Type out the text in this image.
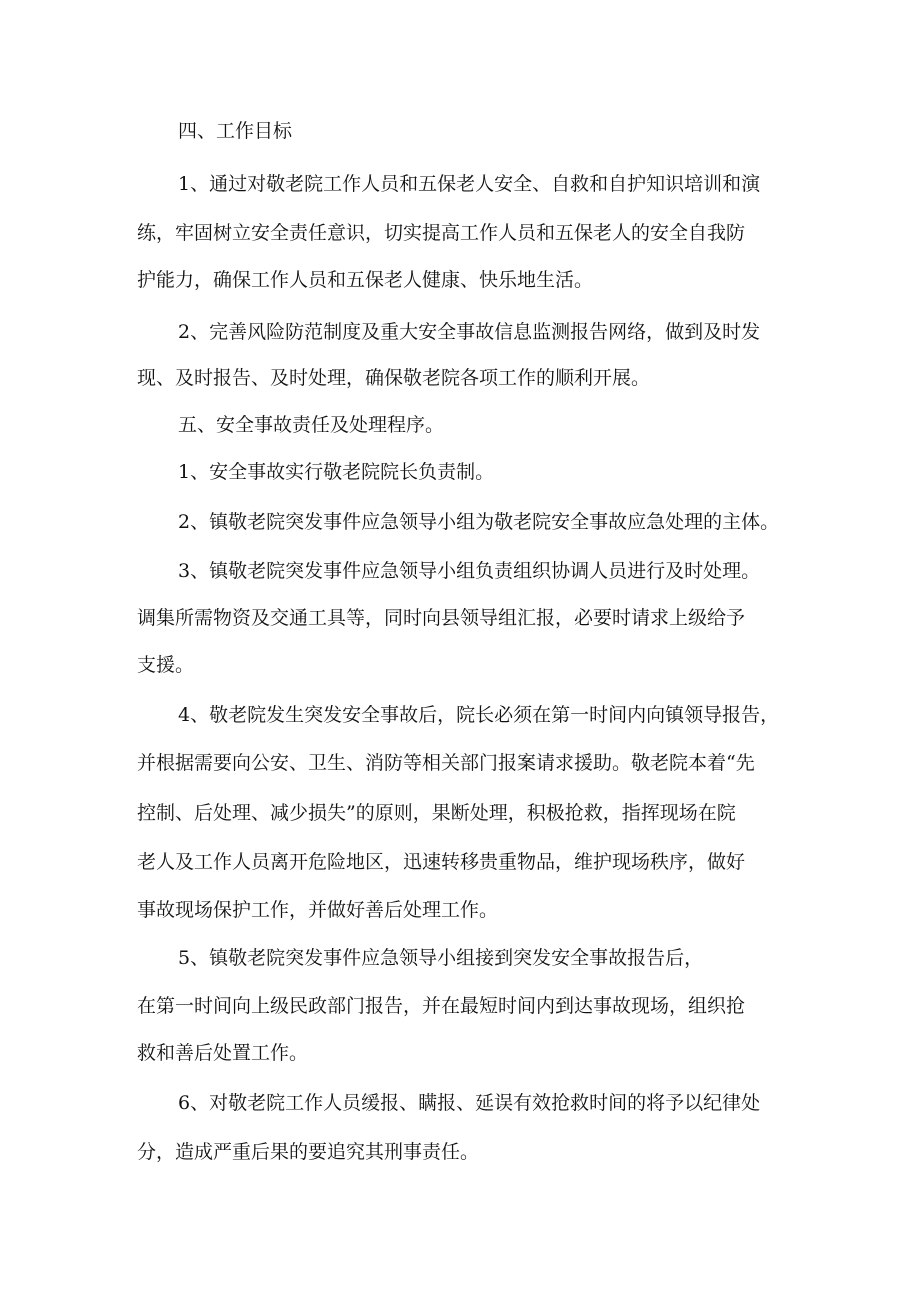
四、工作目标
1、通过对敬老院工作人员和五保老人安全、自救和自护知识培训和演
练，牢固树立安全责任意识，切实提高工作人员和五保老人的安全自我防
护能力，确保工作人员和五保老人健康、快乐地生活。
2、完善风险防范制度及重大安全事故信息监测报告网络，做到及时发
现、及时报告、及时处理，确保敬老院各项工作的顺利开展。
五、安全事故责任及处理程序。
1、安全事故实行敬老院院长负责制。
2、镇敬老院突发事件应急领导小组为敬老院安全事故应急处理的主体。
3、镇敬老院突发事件应急领导小组负责组织协调人员进行及时处理。
调集所需物资及交通工具等，同时向县领导组汇报，必要时请求上级给予
支援。
4、敬老院发生突发安全事故后，院长必须在第一时间内向镇领导报告，
并根据需要向公安、卫生、消防等相关部门报案请求援助。敬老院本着“先
控制、后处理、减少损失”的原则，果断处理，积极抢救，指挥现场在院
老人及工作人员离开危险地区，迅速转移贵重物品，维护现场秩序，做好
事故现场保护工作，并做好善后处理工作。
5、镇敬老院突发事件应急领导小组接到突发安全事故报告后，
在第一时间向上级民政部门报告，并在最短时间内到达事故现场，组织抢
救和善后处置工作。
6、对敬老院工作人员缓报、瞒报、延误有效抢救时间的将予以纪律处
分，造成严重后果的要追究其刑事责任。
